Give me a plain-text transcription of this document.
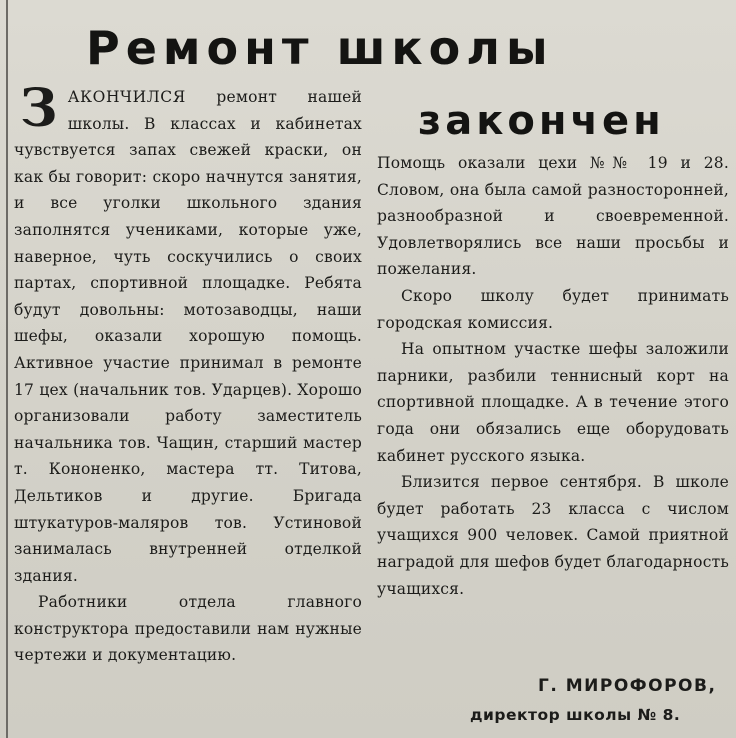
Ремонт школы
закончен

ЗАКОНЧИЛСЯ ремонт нашей школы. В классах и кабинетах чувствуется запах свежей краски, он как бы говорит: скоро начнутся занятия, и все уголки школьного здания заполнятся учениками, которые уже, наверное, чуть соскучились о своих партах, спортивной площадке. Ребята будут довольны: мотозаводцы, наши шефы, оказали хорошую помощь. Активное участие принимал в ремонте 17 цех (начальник тов. Ударцев). Хорошо организовали работу заместитель начальника тов. Чащин, старший мастер т. Кононенко, мастера тт. Титова, Дельтиков и другие. Бригада штукатуров-маляров тов. Устиновой занималась внутренней отделкой здания.

Работники отдела главного конструктора предоставили нам нужные чертежи и документацию.

Помощь оказали цехи №№ 19 и 28. Словом, она была самой разносторонней, разнообразной и своевременной. Удовлетворялись все наши просьбы и пожелания.

Скоро школу будет принимать городская комиссия.

На опытном участке шефы заложили парники, разбили теннисный корт на спортивной площадке. А в течение этого года они обязались еще оборудовать кабинет русского языка.

Близится первое сентября. В школе будет работать 23 класса с числом учащихся 900 человек. Самой приятной наградой для шефов будет благодарность учащихся.

Г. МИРОФОРОВ,
директор школы № 8.
